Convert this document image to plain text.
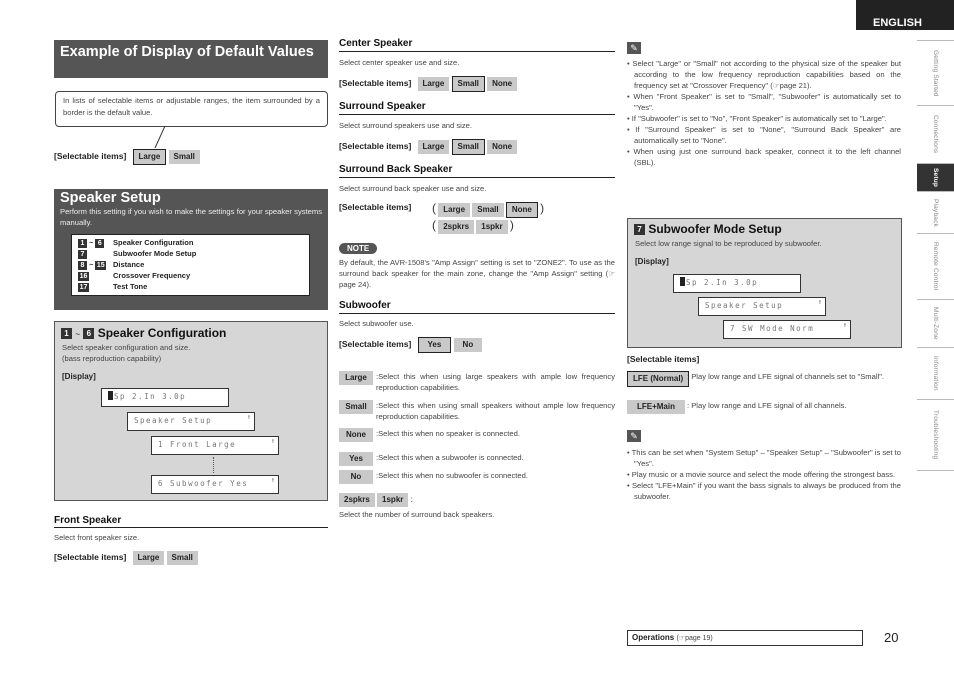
ENGLISH
Getting Started
Connections
Setup
Playback
Remote Control
Multi-Zone
Information
Troubleshooting
Example of Display of Default Values
In lists of selectable items or adjustable ranges, the item surrounded by a border is the default value.
[Selectable items] Large Small
Speaker Setup
Perform this setting if you wish to make the settings for your speaker systems manually.
1 ~ 6 Speaker Configuration
7	Subwoofer Mode Setup
8 ~ 15 Distance
16	Crossover Frequency
17	Test Tone
1 ~ 6 Speaker Configuration
Select speaker configuration and size.
(bass reproduction capability)
[Display]
Sp 2.In 3.0p
Speaker Setup	↑
1 Front Large	↑
6 Subwoofer Yes	↑
Front Speaker
Select front speaker size.
[Selectable items] Large Small
Center Speaker
Select center speaker use and size.
[Selectable items] Large Small None
Surround Speaker
Select surround speakers use and size.
[Selectable items] Large Small None
Surround Back Speaker
Select surround back speaker use and size.
[Selectable items] ( Large Small None )
( 2spkrs 1spkr )
NOTE
By default, the AVR-1508's "Amp Assign" setting is set to "ZONE2". To use as the surround back speaker for the main zone, change the "Amp Assign" setting (☞page 24).
Subwoofer
Select subwoofer use.
[Selectable items] Yes	No
Large	:Select this when using large speakers with ample low frequency reproduction capabilities.
Small	:Select this when using small speakers without ample low frequency reproduction capabilities.
None	:Select this when no speaker is connected.
Yes	:Select this when a subwoofer is connected.
No	:Select this when no subwoofer is connected.
2spkrs 1spkr :
Select the number of surround back speakers.
✎
• Select "Large" or "Small" not according to the physical size of the speaker but according to the low frequency reproduction capabilities based on the frequency set at "Crossover Frequency" (☞page 21).
• When "Front Speaker" is set to "Small", "Subwoofer" is automatically set to "Yes".
• If "Subwoofer" is set to "No", "Front Speaker" is automatically set to "Large".
• If "Surround Speaker" is set to "None", "Surround Back Speaker" are automatically set to "None".
• When using just one surround back speaker, connect it to the left channel (SBL).
7 Subwoofer Mode Setup
Select low range signal to be reproduced by subwoofer.
[Display]
Sp 2.In 3.0p
Speaker Setup	↑
7 SW Mode Norm	↑
[Selectable items]
LFE (Normal) : Play low range and LFE signal of channels set to "Small".
LFE+Main	: Play low range and LFE signal of all channels.
✎
• This can be set when "System Setup" – "Speaker Setup" – "Subwoofer" is set to "Yes".
• Play music or a movie source and select the mode offering the strongest bass.
• Select "LFE+Main" if you want the bass signals to always be produced from the subwoofer.
Operations (☞page 19)	20
